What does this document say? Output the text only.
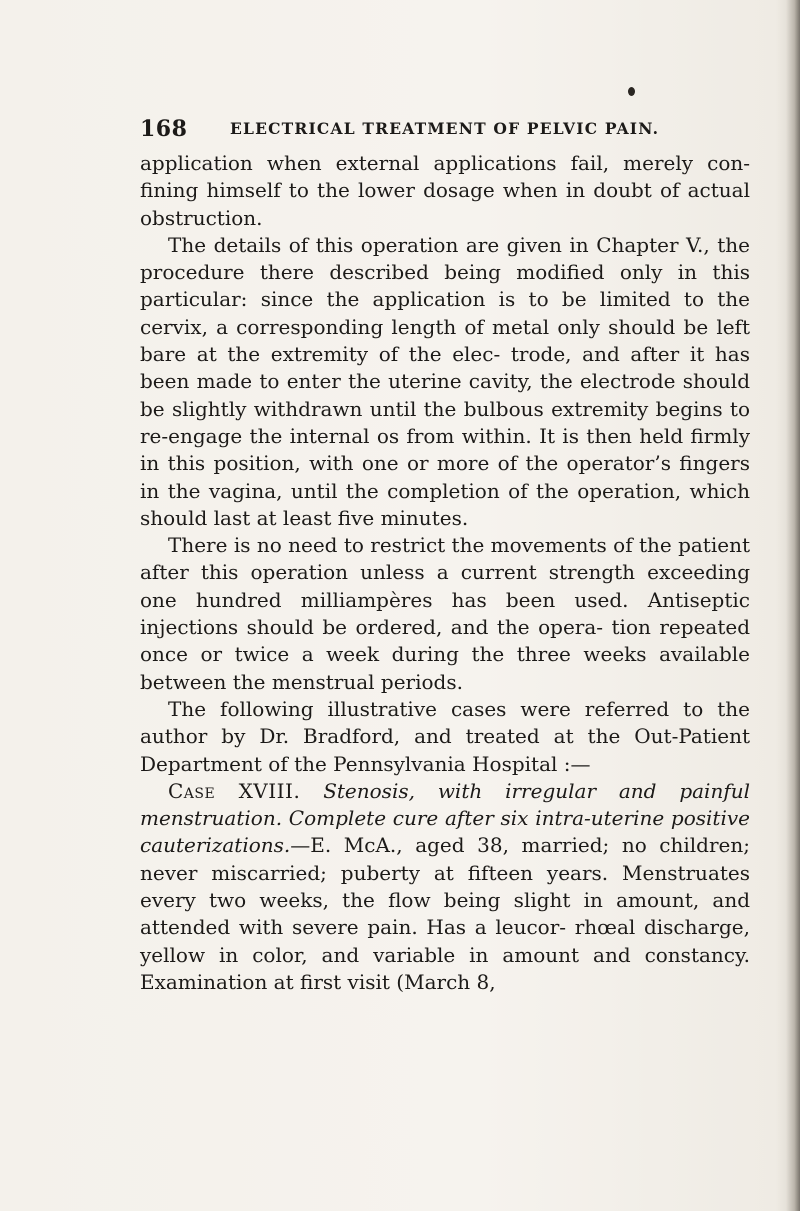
168	ELECTRICAL TREATMENT OF PELVIC PAIN.

application when external applications fail, merely con- fining himself to the lower dosage when in doubt of actual obstruction.

The details of this operation are given in Chapter V., the procedure there described being modified only in this particular: since the application is to be limited to the cervix, a corresponding length of metal only should be left bare at the extremity of the elec- trode, and after it has been made to enter the uterine cavity, the electrode should be slightly withdrawn until the bulbous extremity begins to re-engage the internal os from within. It is then held firmly in this position, with one or more of the operator’s fingers in the vagina, until the completion of the operation, which should last at least five minutes.

There is no need to restrict the movements of the patient after this operation unless a current strength exceeding one hundred milliampères has been used. Antiseptic injections should be ordered, and the opera- tion repeated once or twice a week during the three weeks available between the menstrual periods.

The following illustrative cases were referred to the author by Dr. Bradford, and treated at the Out-Patient Department of the Pennsylvania Hospital :—

Case XVIII. Stenosis, with irregular and painful menstruation. Complete cure after six intra-uterine positive cauterizations.—E. McA., aged 38, married; no children; never miscarried; puberty at fifteen years. Menstruates every two weeks, the flow being slight in amount, and attended with severe pain. Has a leucor- rhœal discharge, yellow in color, and variable in amount and constancy. Examination at first visit (March 8,
